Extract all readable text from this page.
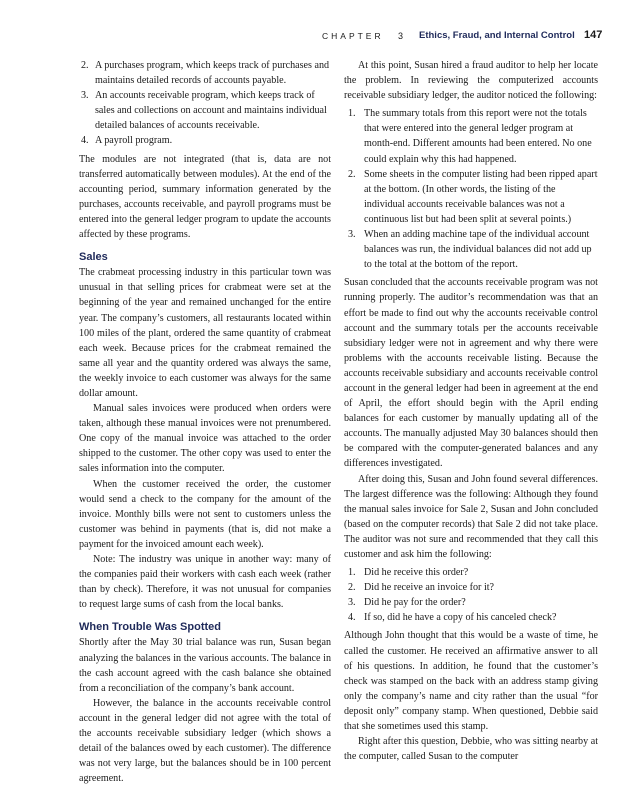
CHAPTER 3 Ethics, Fraud, and Internal Control 147
2. A purchases program, which keeps track of purchases and maintains detailed records of accounts payable.
3. An accounts receivable program, which keeps track of sales and collections on account and maintains individual detailed balances of accounts receivable.
4. A payroll program.

The modules are not integrated (that is, data are not transferred automatically between modules). At the end of the accounting period, summary information generated by the purchases, accounts receivable, and payroll programs must be entered into the general ledger program to update the accounts affected by these programs.

Sales

The crabmeat processing industry in this particular town was unusual in that selling prices for crabmeat were set at the beginning of the year and remained unchanged for the entire year. The company’s customers, all restaurants located within 100 miles of the plant, ordered the same quantity of crabmeat each week. Because prices for the crabmeat remained the same all year and the quantity ordered was always the same, the weekly invoice to each customer was always for the same dollar amount.

Manual sales invoices were produced when orders were taken, although these manual invoices were not prenumbered. One copy of the manual invoice was attached to the order shipped to the customer. The other copy was used to enter the sales information into the computer.

When the customer received the order, the customer would send a check to the company for the amount of the invoice. Monthly bills were not sent to customers unless the customer was behind in payments (that is, did not make a payment for the invoiced amount each week).

Note: The industry was unique in another way: many of the companies paid their workers with cash each week (rather than by check). Therefore, it was not unusual for companies to request large sums of cash from the local banks.

When Trouble Was Spotted

Shortly after the May 30 trial balance was run, Susan began analyzing the balances in the various accounts. The balance in the cash account agreed with the cash balance she obtained from a reconciliation of the company’s bank account.

However, the balance in the accounts receivable control account in the general ledger did not agree with the total of the accounts receivable subsidiary ledger (which shows a detail of the balances owed by each customer). The difference was not very large, but the balances should be in 100 percent agreement.

At this point, Susan hired a fraud auditor to help her locate the problem. In reviewing the computerized accounts receivable subsidiary ledger, the auditor noticed the following:

1. The summary totals from this report were not the totals that were entered into the general ledger program at month-end. Different amounts had been entered. No one could explain why this had happened.
2. Some sheets in the computer listing had been ripped apart at the bottom. (In other words, the listing of the individual accounts receivable balances was not a continuous list but had been split at several points.)
3. When an adding machine tape of the individual account balances was run, the individual balances did not add up to the total at the bottom of the report.

Susan concluded that the accounts receivable program was not running properly. The auditor’s recommendation was that an effort be made to find out why the accounts receivable control account and the summary totals per the accounts receivable subsidiary ledger were not in agreement and why there were problems with the accounts receivable listing. Because the accounts receivable subsidiary and accounts receivable control account in the general ledger had been in agreement at the end of April, the effort should begin with the April ending balances for each customer by manually updating all of the accounts. The manually adjusted May 30 balances should then be compared with the computer-generated balances and any differences investigated.

After doing this, Susan and John found several differences. The largest difference was the following: Although they found the manual sales invoice for Sale 2, Susan and John concluded (based on the computer records) that Sale 2 did not take place. The auditor was not sure and recommended that they call this customer and ask him the following:

1. Did he receive this order?
2. Did he receive an invoice for it?
3. Did he pay for the order?
4. If so, did he have a copy of his canceled check?

Although John thought that this would be a waste of time, he called the customer. He received an affirmative answer to all of his questions. In addition, he found that the customer’s check was stamped on the back with an address stamp giving only the company’s name and city rather than the usual “for deposit only” company stamp. When questioned, Debbie said that she sometimes used this stamp.

Right after this question, Debbie, who was sitting nearby at the computer, called Susan to the computer
